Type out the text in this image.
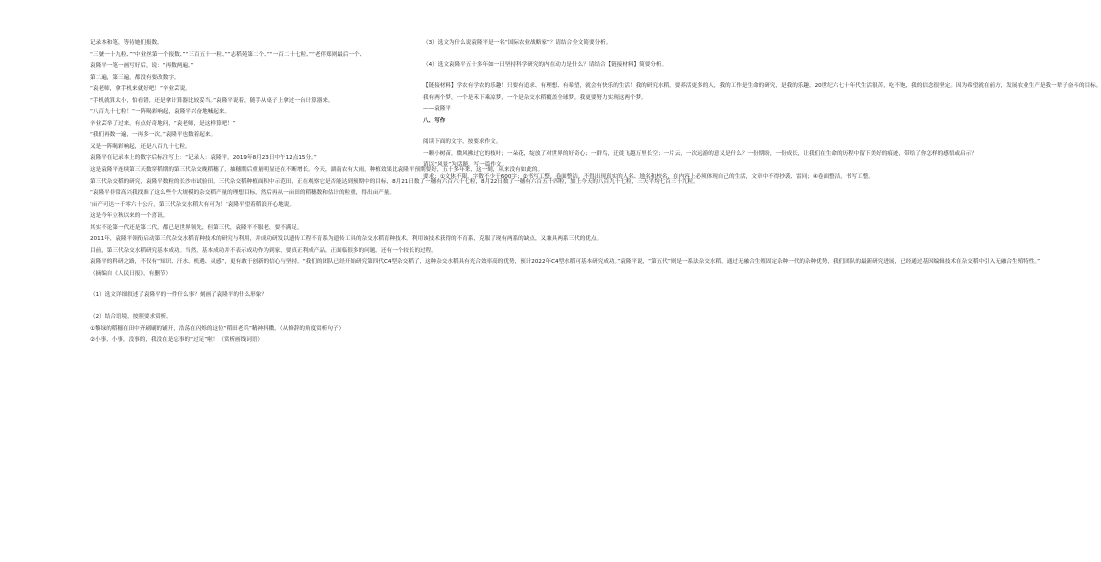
记录本和笔，等待她们报数。
“三號一十九粒、”“中业丝第一个报数、”“三百五十一粒、”“志稻苑第二个、”“一百二十七粒、”“老伴郑则最后一个、
袁隆平一笔一画写好后，说：“再数两遍。”
第二遍，第三遍，都没有要改数字。
“袁老师，拿手机来就好吧！”辛业芸说。
“手机就算太小，怕看错，还是拿计算器比较妥当。”袁隆平说着，随手从桌子上拿过一台计算器来。
“八百九十七粒！”一阵喝彩响起，袁隆平兴奋地喊起来。
辛业芸举了过来，有点好奇地问，“袁老师，是这样算吧！”
“我们再数一遍，一再多一次。”袁隆平也数着起来。
又是一阵喝彩响起，还是八百九十七粒。
袁隆平在记录本上的数字后标注写上：“记录人：袁隆平，2019年8月23日中午12点15分。”
这是袁隆平连续第三天数穿稻期的第三代杂交晚稻穗了，抽穗期后重量明显还在不断增长。今天，湖南农有大雨，种植效果比袁隆平预期要好，五十多年来，这一刻，从来没有如此的。
第三代杂交稻的研究，袁隆平数粒的长沙市试验田，三代杂交稻种植面积中示范田，正在观察它是否能达到预期中的目标，8月21日数了一穗有六百六十七粒，8月22日数了一穗有六百五十四粒，加上今天的八百九十七粒，三天平均七百三十九粒。
“袁隆平非常高兴我找准了这么些个大规模的杂交稻产量的理想目标，然后再从一亩田的稻穗数和估计的粒重，得出亩产量。
‘亩产可达一千零六十公斤，第三代杂交水稻大有可为！’袁隆平望着稻浪开心地说。
这是今年立秋以来的一个喜讯。
其实不论第一代还是第二代，都已是世界领先，但第三代，袁隆平不服老，要不满足。
2011年，袁隆平领衔启动第三代杂交水稻育种技术的研究与利用，并成功研发以遗传工程不育系为遗传工具的杂交水稻育种技术。利用该技术获得的不育系，克服了现有两系的缺点，又兼具两系三代的优点。
目前，第三代杂交水稻研究基本成功。当然，基本成功并不表示成功作为到家，要真正利成产品，正面临很多的问题。还有一个较长的过程。
袁隆平的科研之路，不仅有“知识、汗水、机遇、灵感”，更有敢于创新的信心与坚持。“我们的团队已经开始研究第四代C4型杂交稻了，这种杂交水稻具有光合效率高的优势，预计2022年C4型水稻可基本研究成功。”袁隆平说，“第五代”则是一系法杂交水稻，通过无融合生殖固定杂种一代的杂种优势，我们团队的最新研究进展，已经通过基因编辑技术在杂交稻中引入无融合生殖特性。”
（摘编自《人民日报》，有删节）
（1）选文详细叙述了袁隆平的一件什么事？刻画了袁隆平的什么形象？
（2）结合语境，按照要求赏析。
①黎绿的稻穗在田中齐刷刷的铺开，浩荡在闪烁的这位“稻田老兵”精神抖擞。（从修辞的角度赏析句子）
②小事，小事，没事的，我没在是忘事的“过足”啦！（赏析画线词语）
（3）选文为什么说袁隆平是一名“国际农业战略家”？请结合全文简要分析。
（4）选文袁隆平五十多年如一日坚持科学研究的内在动力是什么？请结合【链接材料】简要分析。
【链接材料】学农有学农的乐趣！只要有追求、有理想、有希望，就会有快乐的生活！我的研究水稻，要养活更多的人，我的工作是生命的研究，是我的乐趣。20世纪六七十年代生活很苦，吃不饱，我的信念很坚定。因为希望就在前方，发展农业生产是我一辈子奋斗的目标。
我有两个梦，一个是禾下乘凉梦，一个是杂交水稻覆盖全球梦，我更要努力实现这两个梦。
——袁隆平
八、写作
阅读下面的文字，按要求作文。
一颗小树苗，微风拂过它的枝叶；一朵花，绽放了对世界的好奇心；一群鸟，迁徙飞越万里长空；一片云，一次远游的意义是什么？一份期盼，一份成长，让我们在生命的历程中留下美好的痕迹，带给了你怎样的感悟或启示？
请以“风景”为话题，写一篇作文。
要求：①文体不限，字数不少于600字；②书写工整，卷面整洁。不得出现真实的人名、地名和校名，在内容上必须体现自己的生活，文章中不得抄袭、雷同；④卷面整洁，书写工整。
